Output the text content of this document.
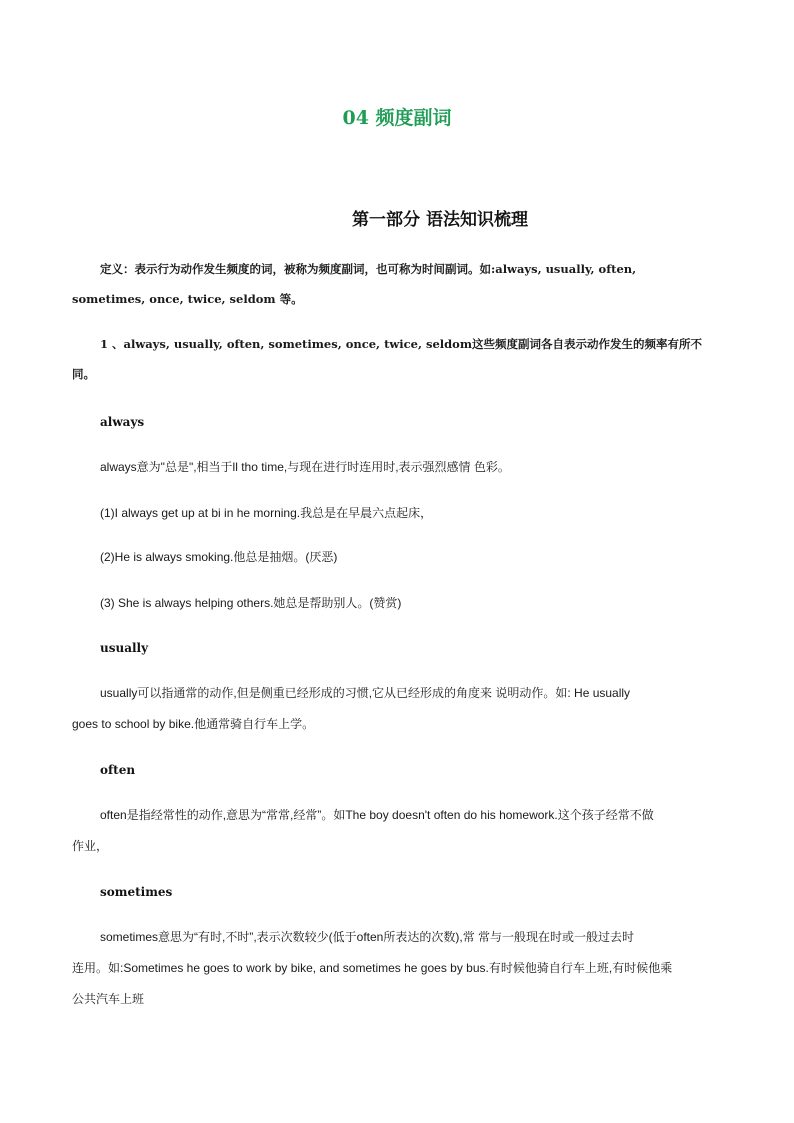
04 频度副词
第一部分 语法知识梳理
定义：表示行为动作发生频度的词，被称为频度副词，也可称为时间副词。如:always, usually, often,
sometimes, once, twice, seldom 等。
1 、always, usually, often, sometimes, once, twice, seldom这些频度副词各自表示动作发生的频率有所不
同。
always
always意为"总是",相当于ll tho time,与现在进行时连用时,表示强烈感情 色彩。
(1)I always get up at bi in he morning.我总是在早晨六点起床，
(2)He is always smoking.他总是抽烟。(厌恶)
(3) She is always helping others.她总是帮助别人。(赞赏)
usually
usually可以指通常的动作,但是侧重已经形成的习惯,它从已经形成的角度来 说明动作。如: He usually
goes to school by bike.他通常骑自行车上学。
often
often是指经常性的动作,意思为“常常,经常”。如The boy doesn't often do his homework.这个孩子经常不做
作业，
sometimes
sometimes意思为“有时,不时”,表示次数较少(低于often所表达的次数),常 常与一般现在时或一般过去时
连用。如:Sometimes he goes to work by bike, and sometimes he goes by bus.有时候他骑自行车上班,有时候他乘
公共汽车上班
